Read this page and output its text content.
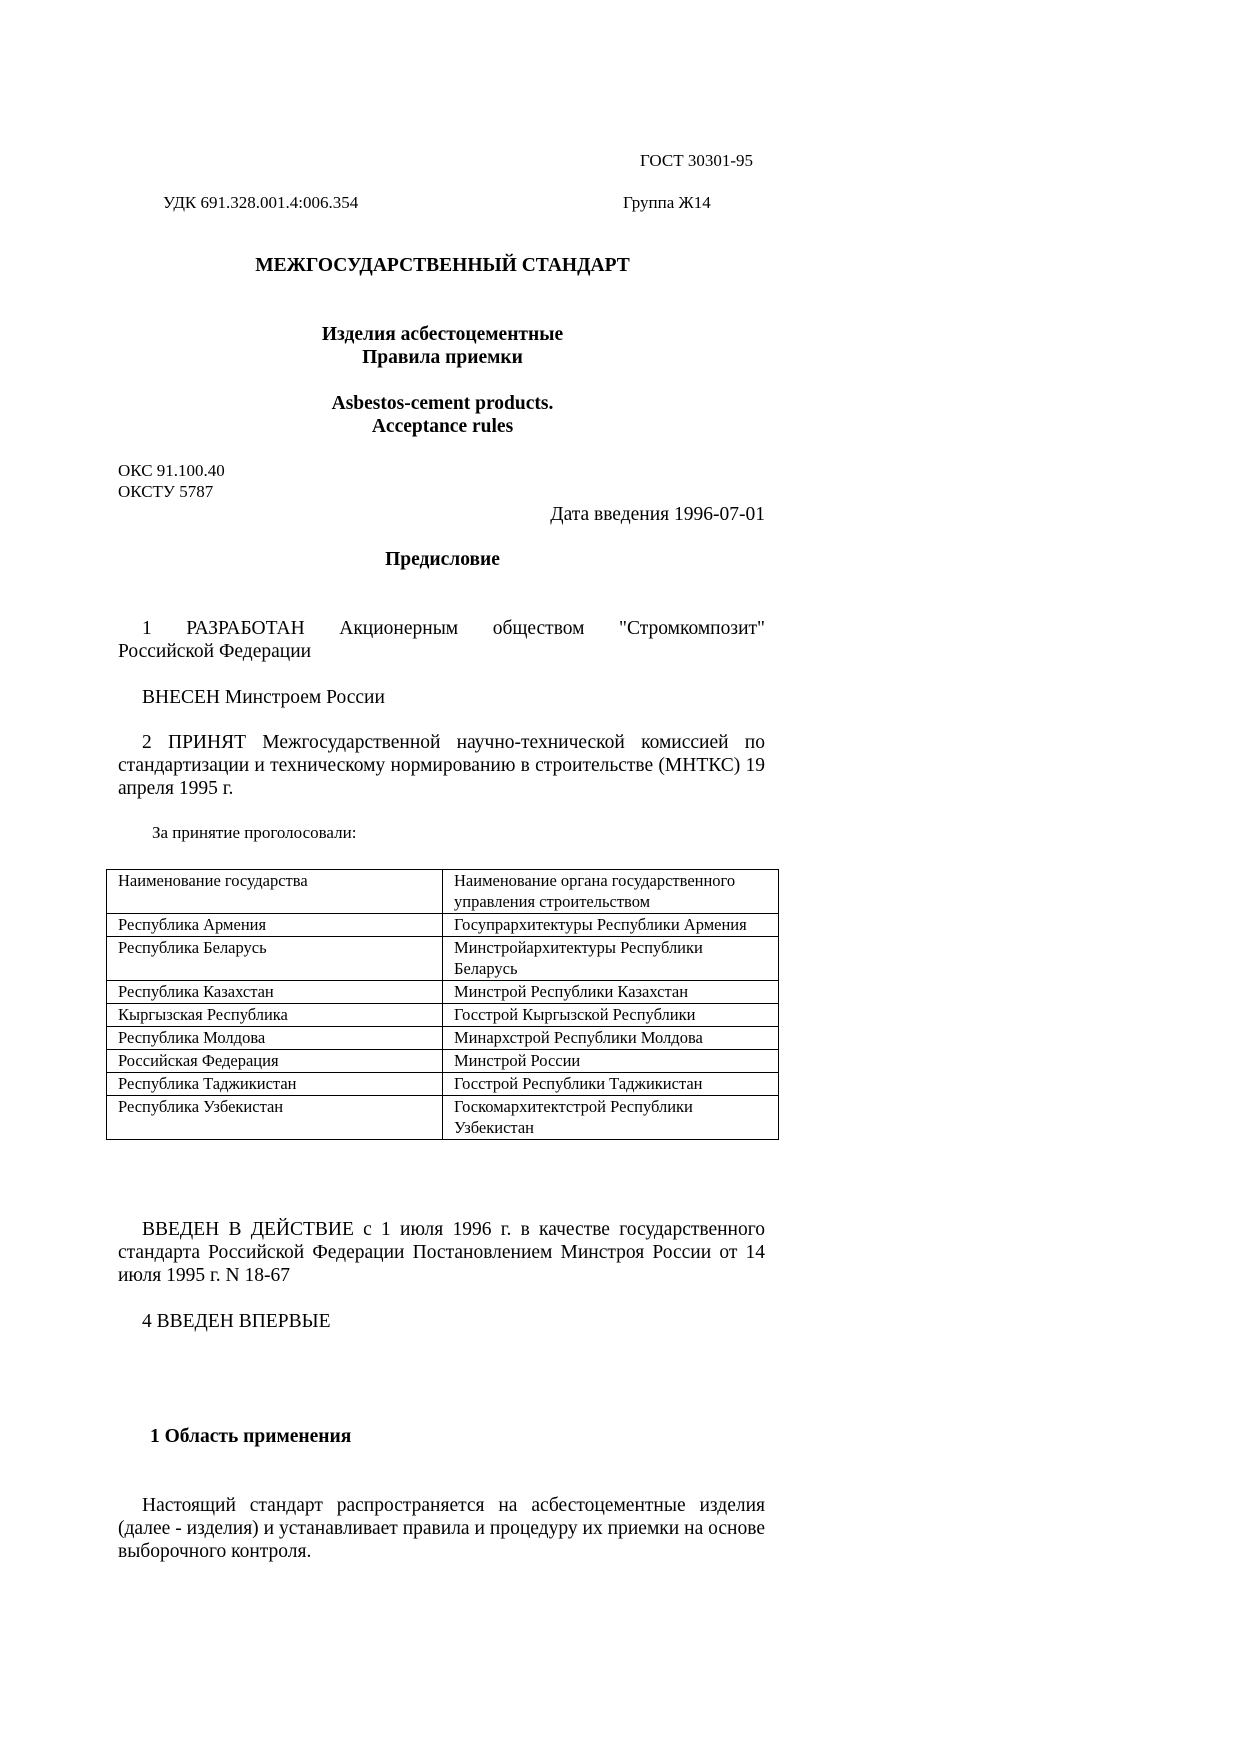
ГОСТ 30301-95
УДК 691.328.001.4:006.354	Группа Ж14
МЕЖГОСУДАРСТВЕННЫЙ СТАНДАРТ
Изделия асбестоцементные
Правила приемки
Asbestos-cement products.
Acceptance rules
ОКС 91.100.40
ОКСТУ 5787
Дата введения 1996-07-01
Предисловие
1 РАЗРАБОТАН Акционерным обществом "Стромкомпозит"
Российской Федерации
ВНЕСЕН Минстроем России
2 ПРИНЯТ Межгосударственной научно-технической комиссией по стандартизации и техническому нормированию в строительстве (МНТКС) 19 апреля 1995 г.
За принятие проголосовали:
Наименование государства	Наименование органа государственного управления строительством
Республика Армения	Госупрархитектуры Республики Армения
Республика Беларусь	Минстройархитектуры Республики Беларусь
Республика Казахстан	Минстрой Республики Казахстан
Кыргызская Республика	Госстрой Кыргызской Республики
Республика Молдова	Минархстрой Республики Молдова
Российская Федерация	Минстрой России
Республика Таджикистан	Госстрой Республики Таджикистан
Республика Узбекистан	Госкомархитектстрой Республики Узбекистан
ВВЕДЕН В ДЕЙСТВИЕ с 1 июля 1996 г. в качестве государственного стандарта Российской Федерации Постановлением Минстроя России от 14 июля 1995 г. N 18-67
4 ВВЕДЕН ВПЕРВЫЕ
1 Область применения
Настоящий стандарт распространяется на асбестоцементные изделия (далее - изделия) и устанавливает правила и процедуру их приемки на основе выборочного контроля.
